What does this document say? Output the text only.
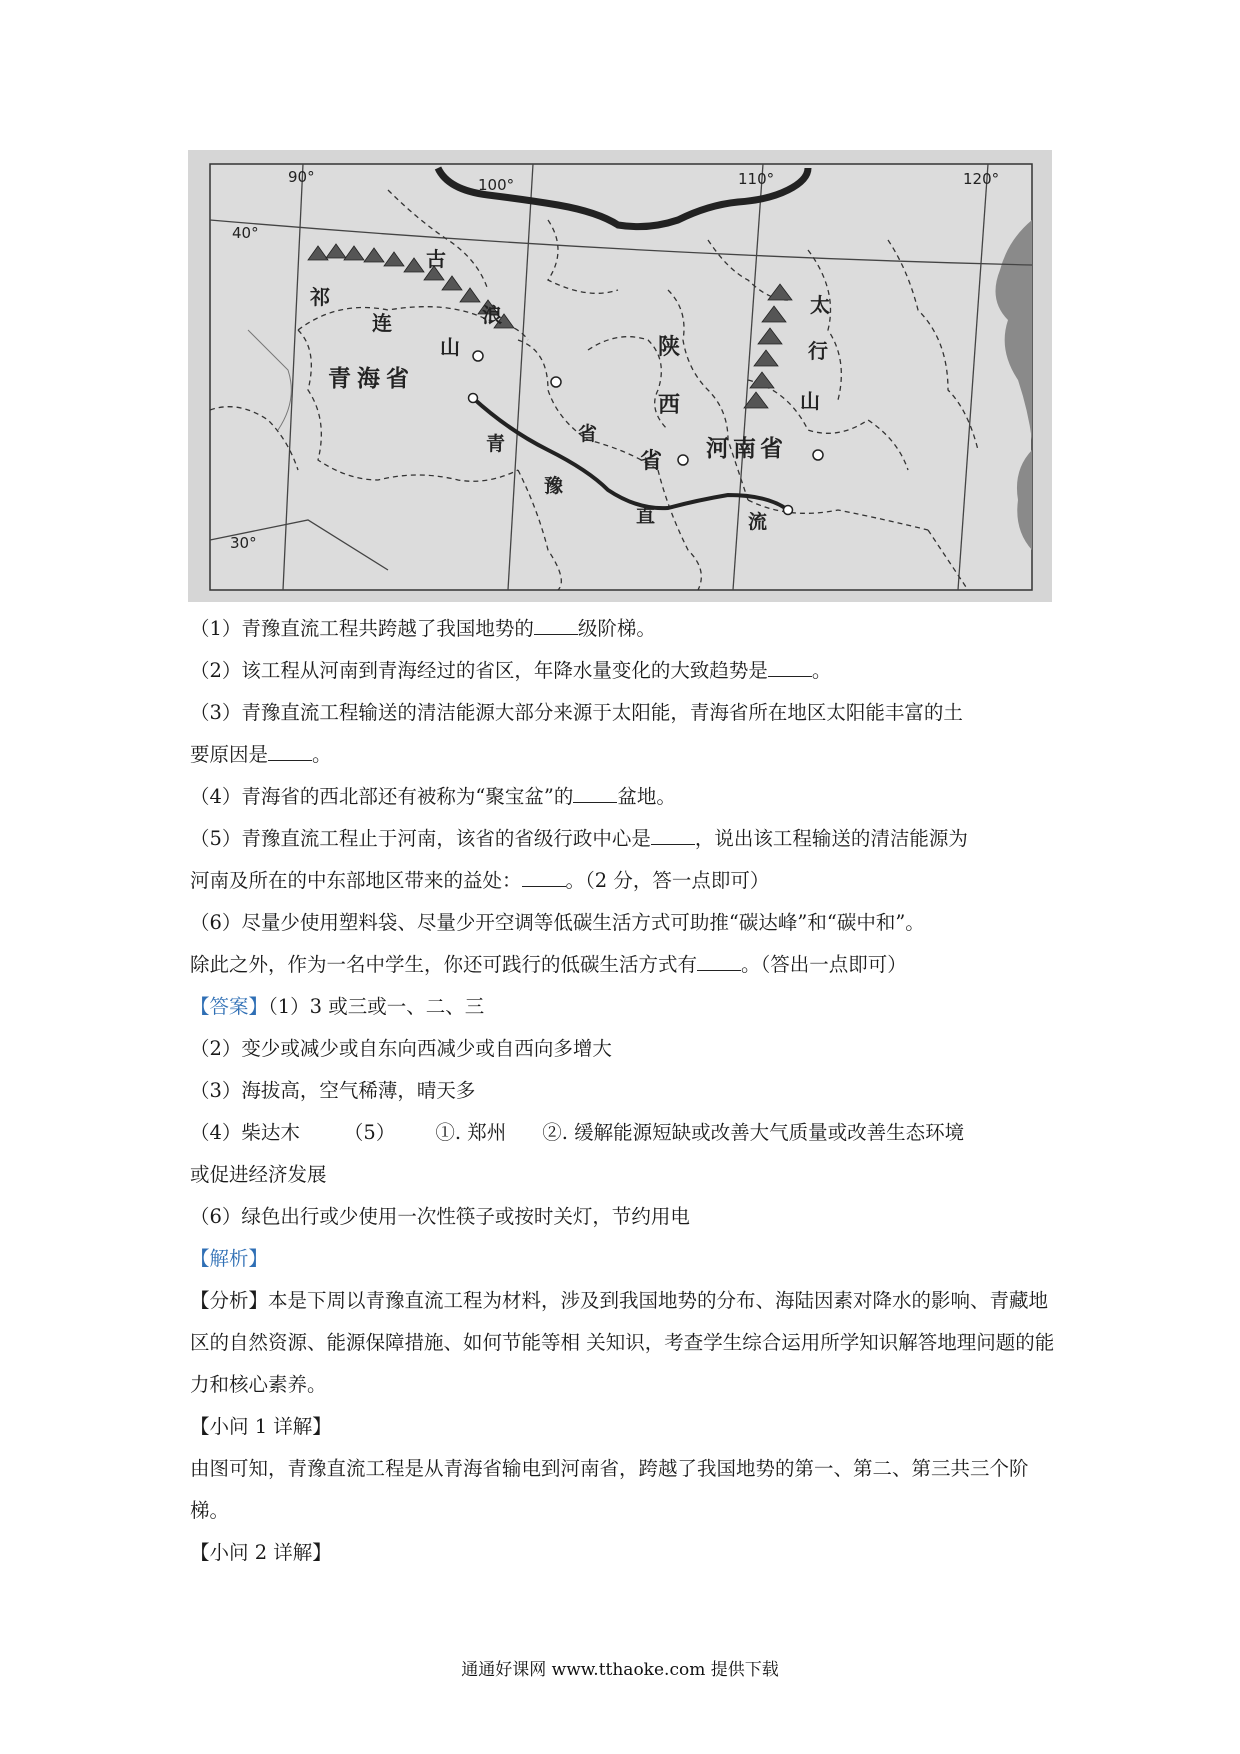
90°	100°	110°	120°
40°
30°
祁
连
山
古
浪
青海省
陕
西
省 河南省
太
行
山
青
豫
直	流
省
（1）青豫直流工程共跨越了我国地势的 级阶梯。
（2）该工程从河南到青海经过的省区，年降水量变化的大致趋势是 。
（3）青豫直流工程输送的清洁能源大部分来源于太阳能，青海省所在地区太阳能丰富的土
要原因是 。
（4）青海省的西北部还有被称为“聚宝盆”的 盆地。
（5）青豫直流工程止于河南，该省的省级行政中心是 ，说出该工程输送的清洁能源为
河南及所在的中东部地区带来的益处： 。（2 分，答一点即可）
（6）尽量少使用塑料袋、尽量少开空调等低碳生活方式可助推“碳达峰”和“碳中和”。
除此之外，作为一名中学生，你还可践行的低碳生活方式有 。（答出一点即可）
【答案】（1）3 或三或一、二、三
（2）变少或减少或自东向西减少或自西向多增大
（3）海拔高，空气稀薄，晴天多
（4）柴达木 （5） ①. 郑州 ②. 缓解能源短缺或改善大气质量或改善生态环境
或促进经济发展
（6）绿色出行或少使用一次性筷子或按时关灯，节约用电
【解析】
【分析】本是下周以青豫直流工程为材料，涉及到我国地势的分布、海陆因素对降水的影响、青藏地区的自然资源、能源保障措施、如何节能等相 关知识，考查学生综合运用所学知识解答地理问题的能力和核心素养。
【小问 1 详解】
由图可知，青豫直流工程是从青海省输电到河南省，跨越了我国地势的第一、第二、第三共三个阶梯。
【小问 2 详解】
通通好课网 www.tthaoke.com 提供下载
